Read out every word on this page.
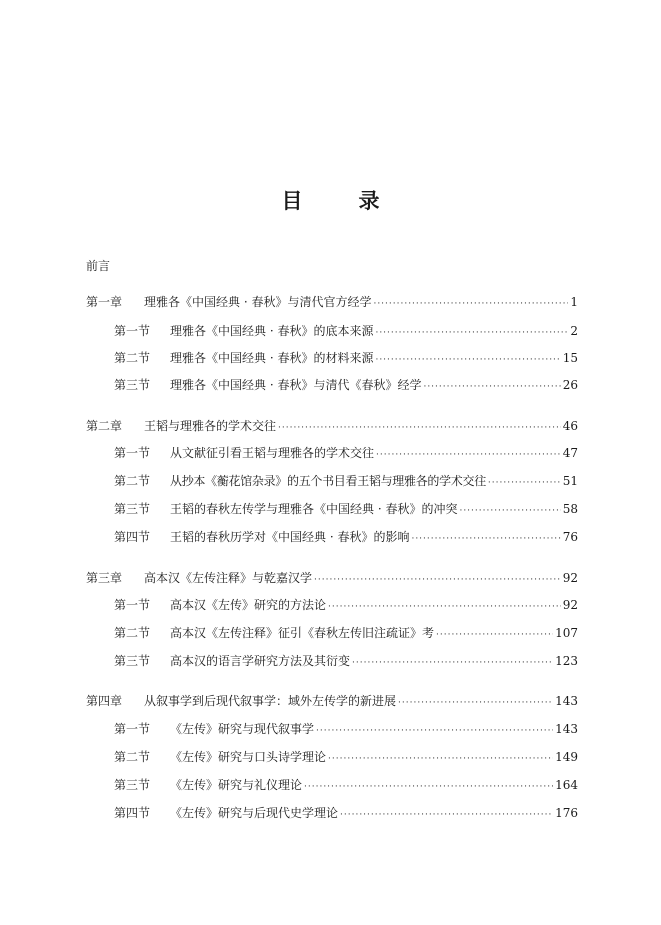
目录
前言
第一章	理雅各《中国经典 · 春秋》与清代官方经学 ·····	1
第一节	理雅各《中国经典 · 春秋》的底本来源 ·····	2
第二节	理雅各《中国经典 · 春秋》的材料来源 ·····	15
第三节	理雅各《中国经典 · 春秋》与清代《春秋》经学 ·····	26
第二章	王韬与理雅各的学术交往 ·····	46
第一节	从文献征引看王韬与理雅各的学术交往 ·····	47
第二节	从抄本《蘅花馆杂录》的五个书目看王韬与理雅各的学术交往 ·····	51
第三节	王韬的春秋左传学与理雅各《中国经典 · 春秋》的冲突 ·····	58
第四节	王韬的春秋历学对《中国经典 · 春秋》的影响 ·····	76
第三章	高本汉《左传注释》与乾嘉汉学 ·····	92
第一节	高本汉《左传》研究的方法论 ·····	92
第二节	高本汉《左传注释》征引《春秋左传旧注疏证》考 ·····	107
第三节	高本汉的语言学研究方法及其衍变 ·····	123
第四章	从叙事学到后现代叙事学：域外左传学的新进展 ·····	143
第一节	《左传》研究与现代叙事学 ·····	143
第二节	《左传》研究与口头诗学理论 ·····	149
第三节	《左传》研究与礼仪理论 ·····	164
第四节	《左传》研究与后现代史学理论 ·····	176
